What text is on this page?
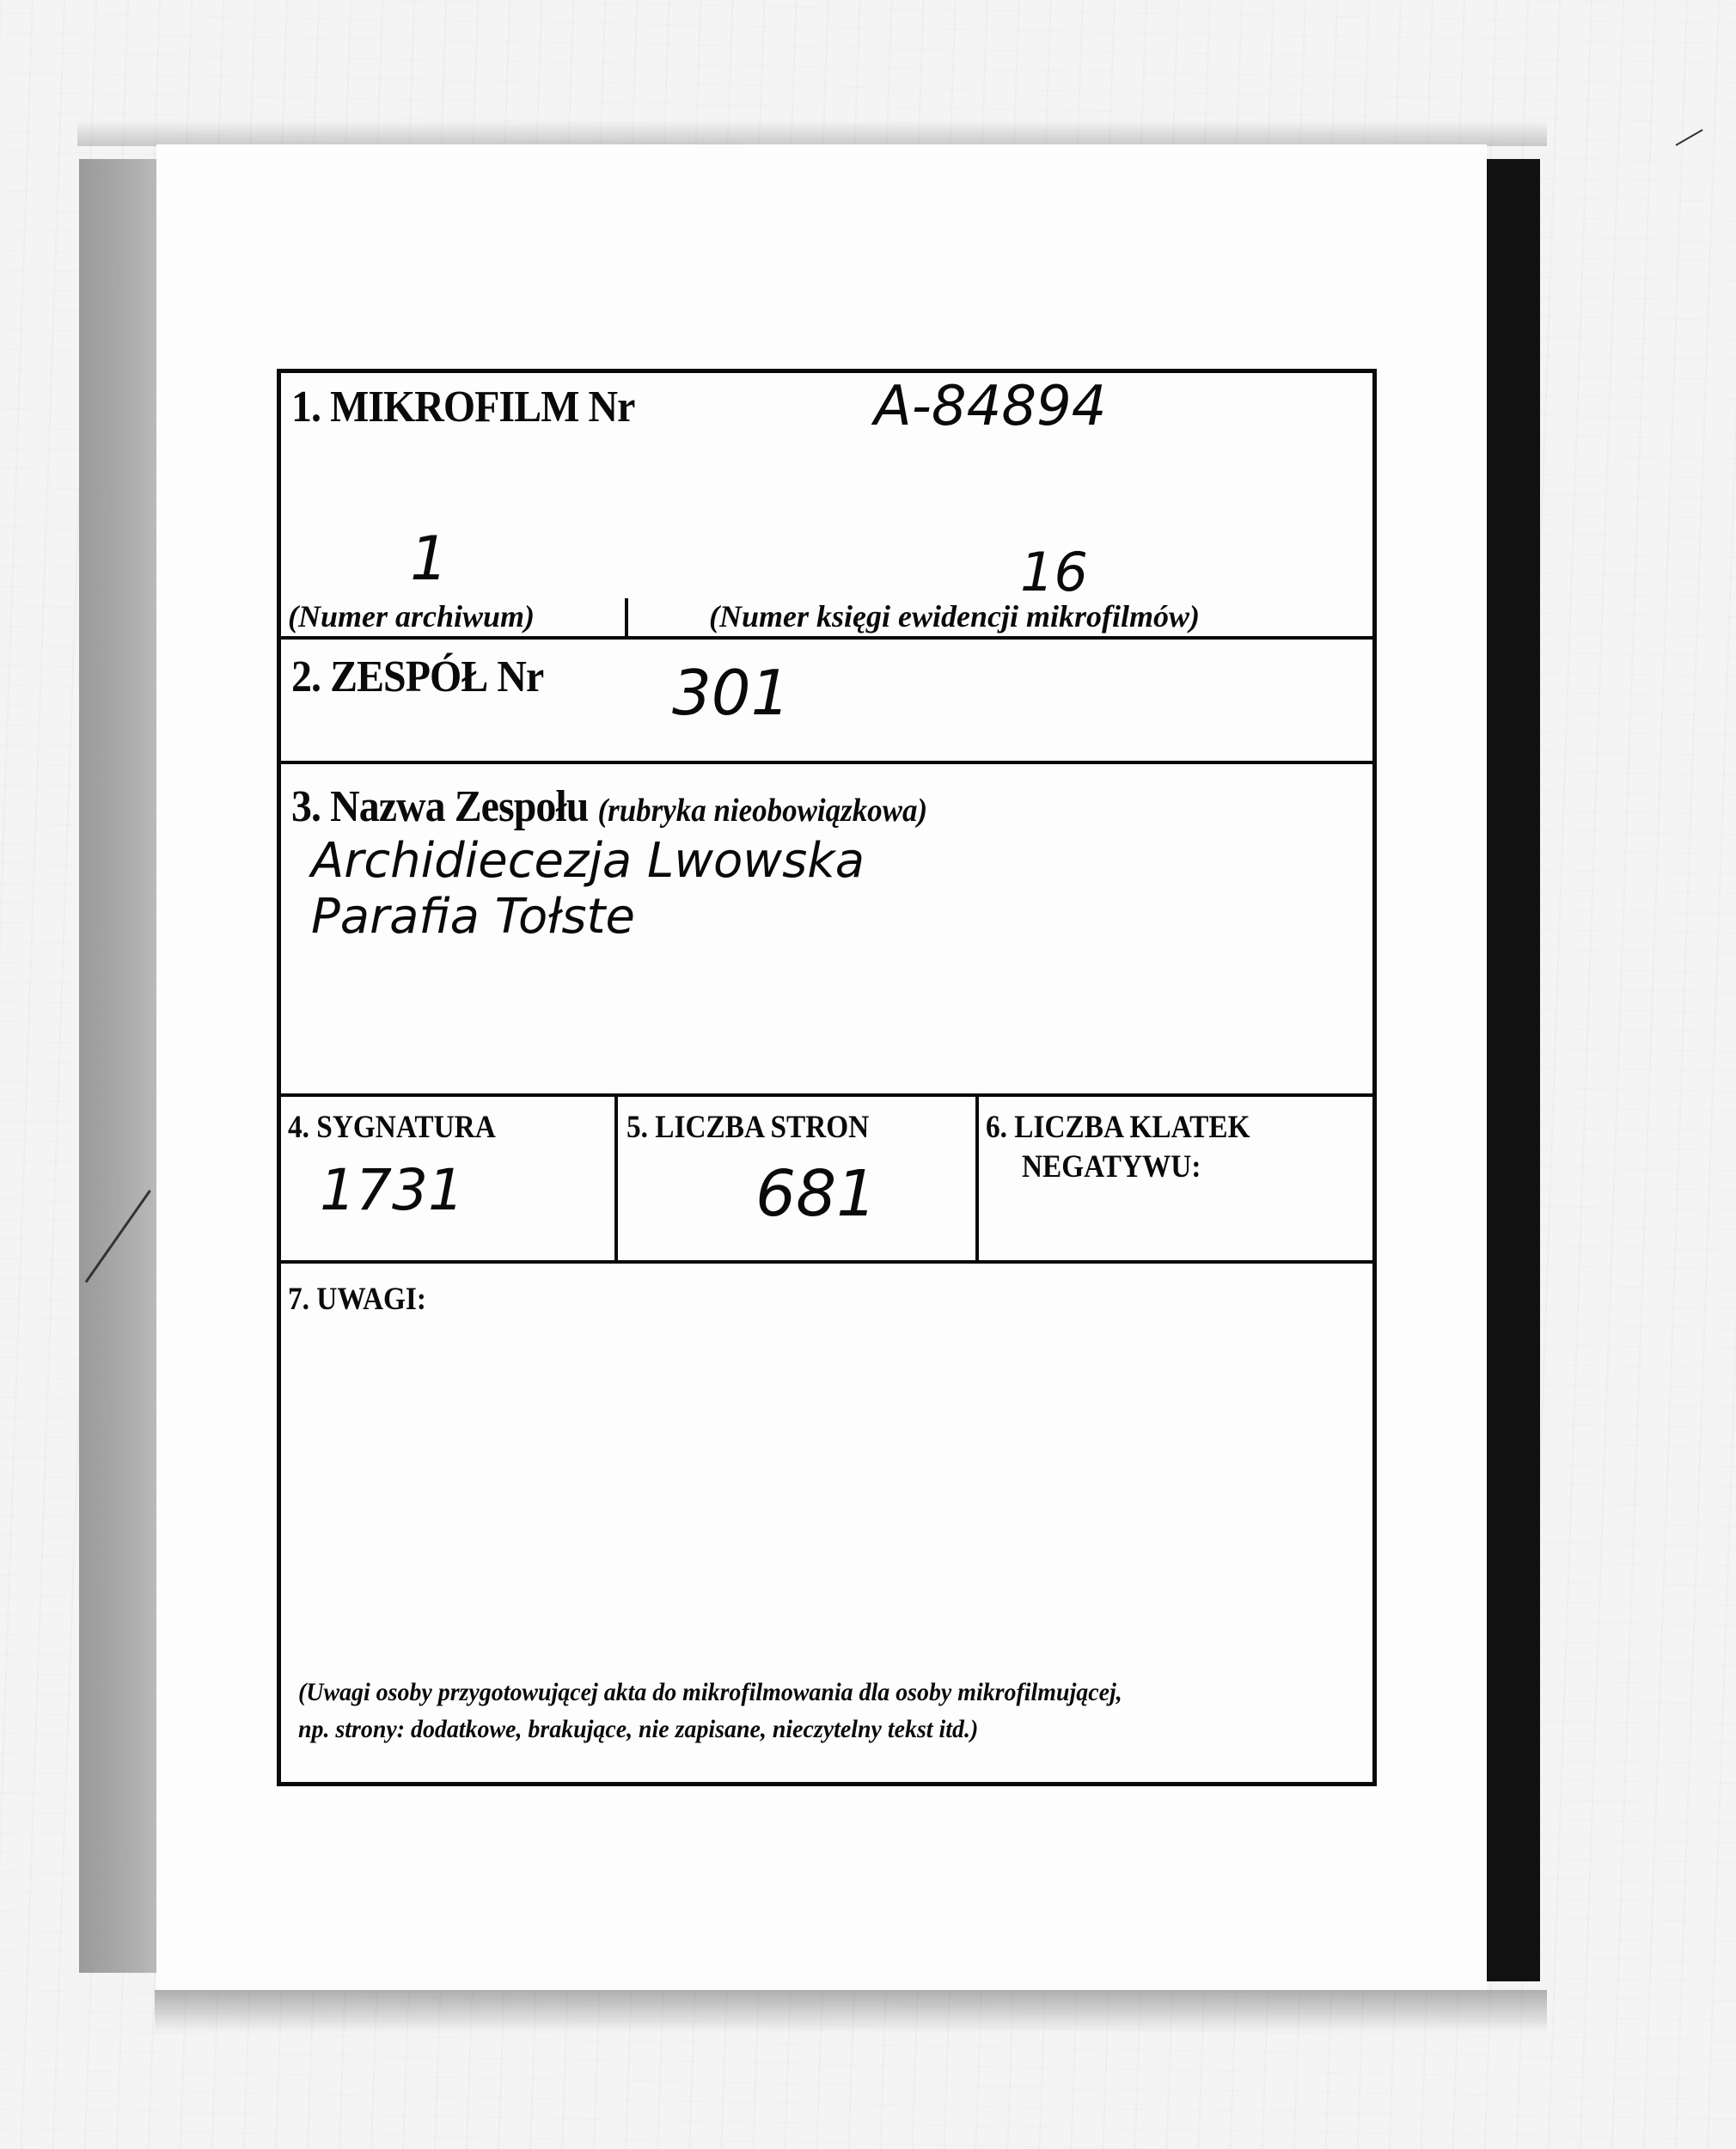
1. MIKROFILM Nr	A-84894
1	16
(Numer archiwum)	(Numer księgi ewidencji mikrofilmów)
2. ZESPÓŁ Nr 301
3. Nazwa Zespołu (rubryka nieobowiązkowa)
Archidiecezja Lwowska
Parafia Tołste
4. SYGNATURA
1731
5. LICZBA STRON
681
6. LICZBA KLATEK
NEGATYWU:
7. UWAGI:
(Uwagi osoby przygotowującej akta do mikrofilmowania dla osoby mikrofilmującej,
np. strony: dodatkowe, brakujące, nie zapisane, nieczytelny tekst itd.)
